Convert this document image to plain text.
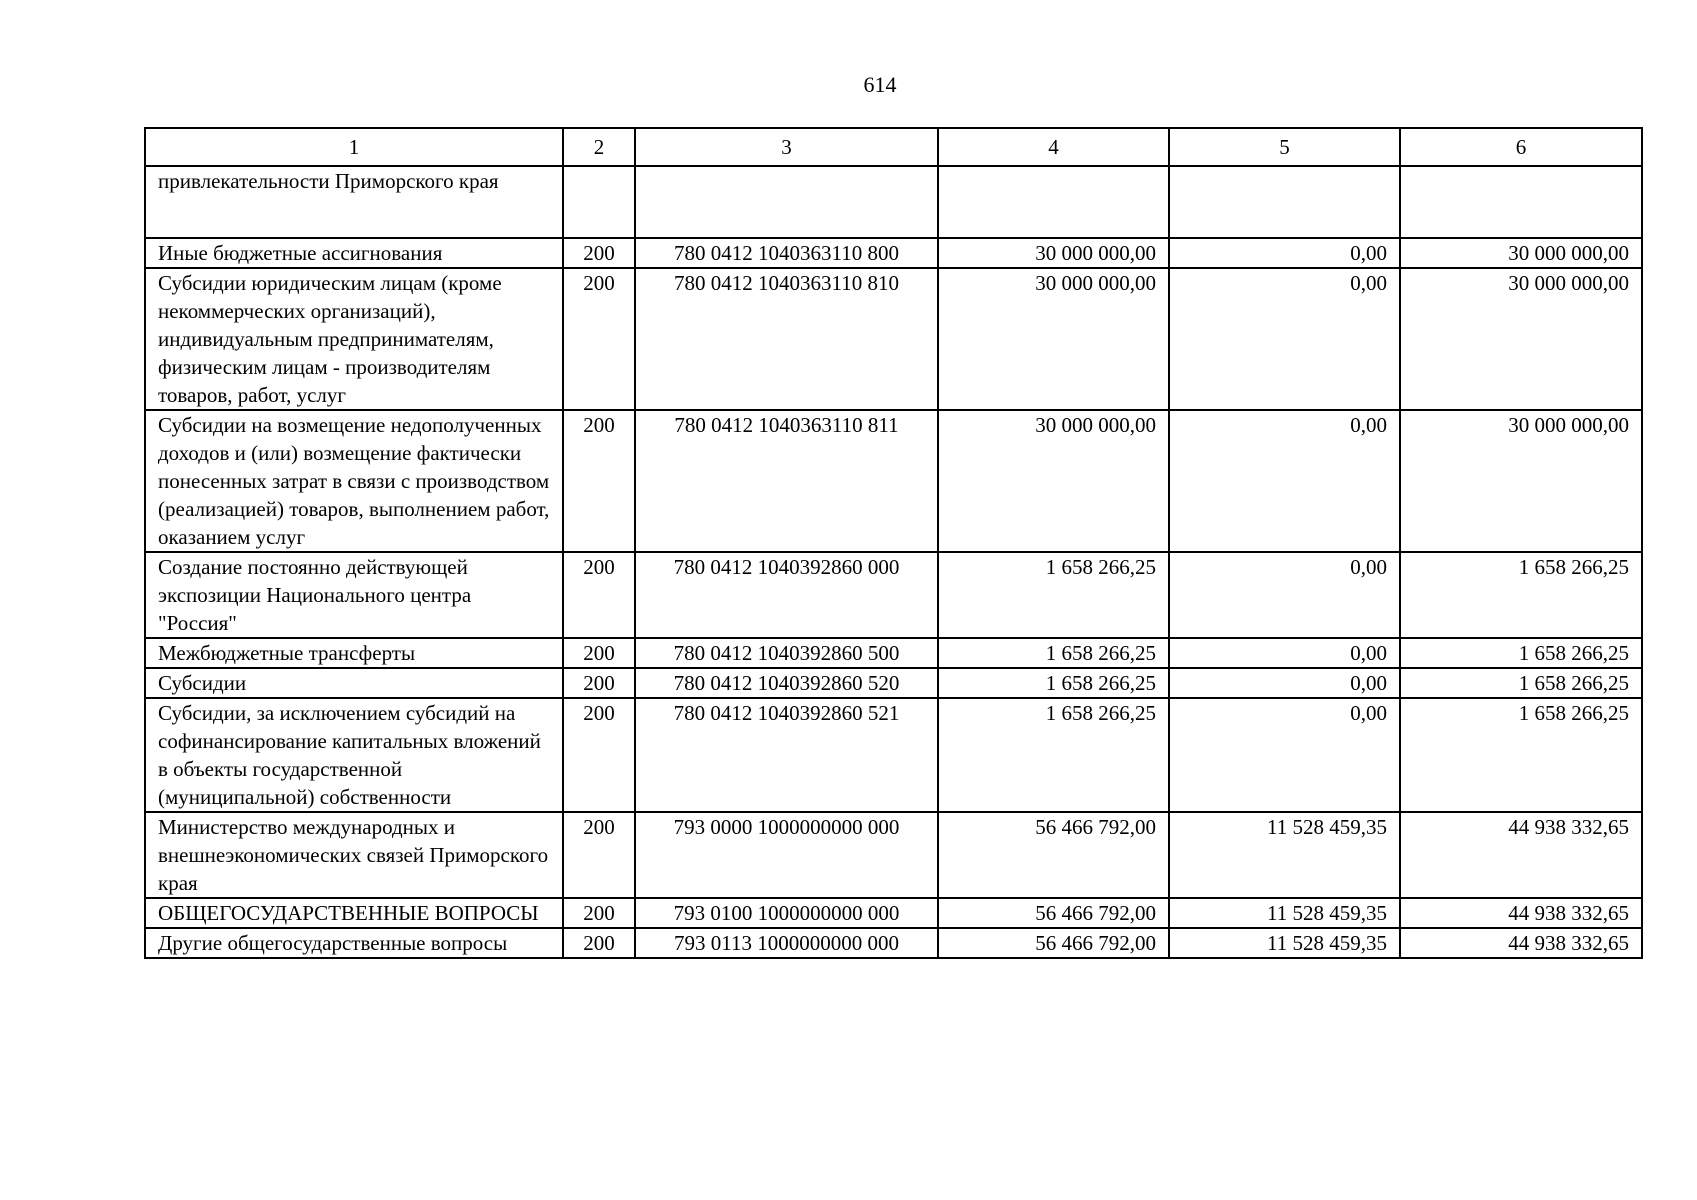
614
1	2	3	4	5	6
привлекательности Приморского края					
Иные бюджетные ассигнования	200	780 0412 1040363110 800	30 000 000,00	0,00	30 000 000,00
Субсидии юридическим лицам (кроме некоммерческих организаций), индивидуальным предпринимателям, физическим лицам - производителям товаров, работ, услуг	200	780 0412 1040363110 810	30 000 000,00	0,00	30 000 000,00
Субсидии на возмещение недополученных доходов и (или) возмещение фактически понесенных затрат в связи с производством (реализацией) товаров, выполнением работ, оказанием услуг	200	780 0412 1040363110 811	30 000 000,00	0,00	30 000 000,00
Создание постоянно действующей экспозиции Национального центра "Россия"	200	780 0412 1040392860 000	1 658 266,25	0,00	1 658 266,25
Межбюджетные трансферты	200	780 0412 1040392860 500	1 658 266,25	0,00	1 658 266,25
Субсидии	200	780 0412 1040392860 520	1 658 266,25	0,00	1 658 266,25
Субсидии, за исключением субсидий на софинансирование капитальных вложений в объекты государственной (муниципальной) собственности	200	780 0412 1040392860 521	1 658 266,25	0,00	1 658 266,25
Министерство международных и внешнеэкономических связей Приморского края	200	793 0000 1000000000 000	56 466 792,00	11 528 459,35	44 938 332,65
ОБЩЕГОСУДАРСТВЕННЫЕ ВОПРОСЫ	200	793 0100 1000000000 000	56 466 792,00	11 528 459,35	44 938 332,65
Другие общегосударственные вопросы	200	793 0113 1000000000 000	56 466 792,00	11 528 459,35	44 938 332,65
